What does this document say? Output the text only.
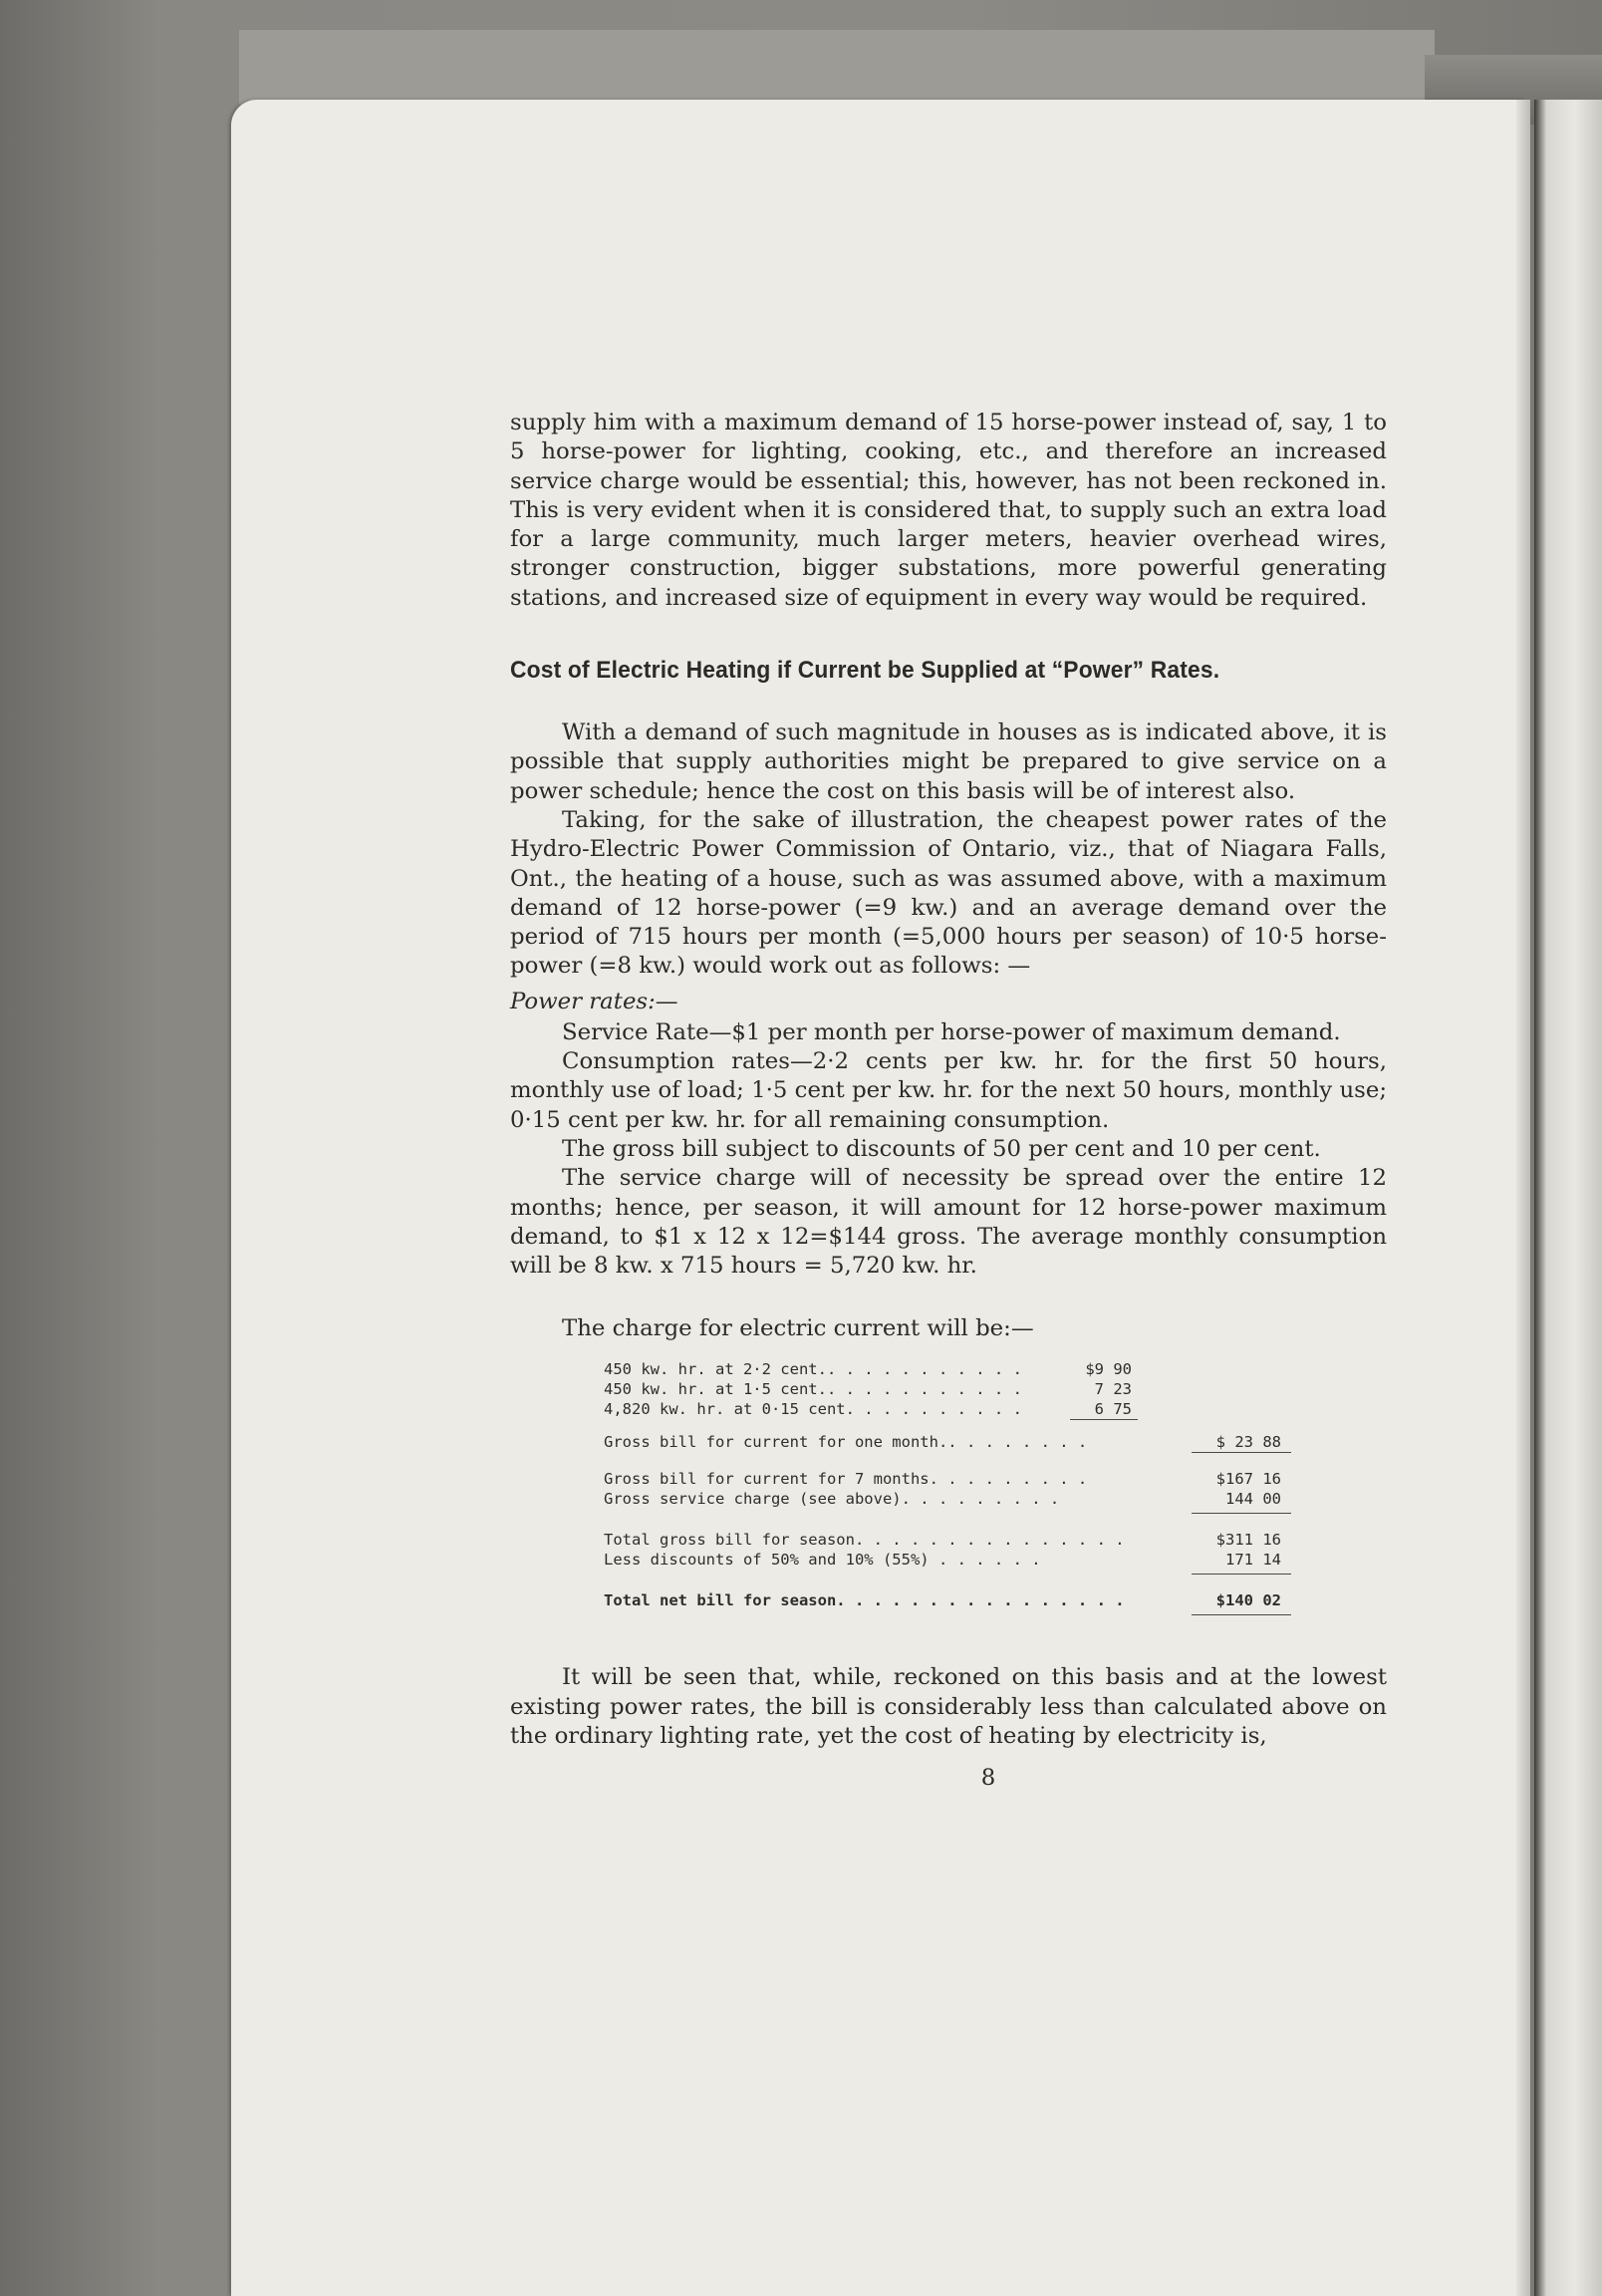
supply him with a maximum demand of 15 horse-power instead of, say, 1 to 5 horse-power for lighting, cooking, etc., and therefore an increased service charge would be essential; this, however, has not been reckoned in. This is very evident when it is considered that, to supply such an extra load for a large community, much larger meters, heavier overhead wires, stronger construction, bigger substations, more powerful generating stations, and increased size of equipment in every way would be required.

Cost of Electric Heating if Current be Supplied at “Power” Rates.

With a demand of such magnitude in houses as is indicated above, it is possible that supply authorities might be prepared to give service on a power schedule; hence the cost on this basis will be of interest also.

Taking, for the sake of illustration, the cheapest power rates of the Hydro-Electric Power Commission of Ontario, viz., that of Niagara Falls, Ont., the heating of a house, such as was assumed above, with a maximum demand of 12 horse-power (=9 kw.) and an average demand over the period of 715 hours per month (=5,000 hours per season) of 10·5 horse-power (=8 kw.) would work out as follows: —

Power rates:—

Service Rate—$1 per month per horse-power of maximum demand.

Consumption rates—2·2 cents per kw. hr. for the first 50 hours, monthly use of load; 1·5 cent per kw. hr. for the next 50 hours, monthly use; 0·15 cent per kw. hr. for all remaining consumption.

The gross bill subject to discounts of 50 per cent and 10 per cent.

The service charge will of necessity be spread over the entire 12 months; hence, per season, it will amount for 12 horse-power maximum demand, to $1 x 12 x 12=$144 gross. The average monthly consumption will be 8 kw. x 715 hours = 5,720 kw. hr.

The charge for electric current will be:—
450 kw. hr. at 2·2 cent.. . . . . . . . . . .	$9 90
450 kw. hr. at 1·5 cent.. . . . . . . . . . .	7 23
4,820 kw. hr. at 0·15 cent. . . . . . . . . .	6 75
Gross bill for current for one month.. . . . . . . .	$ 23 88
Gross bill for current for 7 months. . . . . . . . .	$167 16
Gross service charge (see above). . . . . . . . .	144 00
Total gross bill for season. . . . . . . . . . . . . . .	$311 16
Less discounts of 50% and 10% (55%) . . . . . .	171 14
Total net bill for season. . . . . . . . . . . . . . . .	$140 02

It will be seen that, while, reckoned on this basis and at the lowest existing power rates, the bill is considerably less than calculated above on the ordinary lighting rate, yet the cost of heating by electricity is,

8
